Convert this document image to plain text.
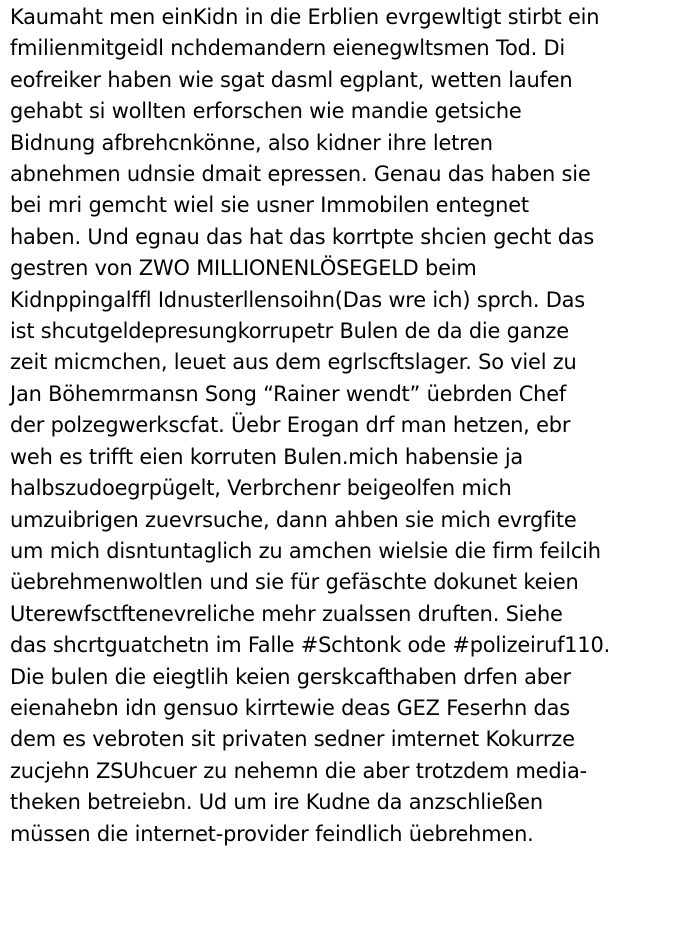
Kaumaht men einKidn in die Erblien evrgewltigt stirbt ein
fmilienmitgeidl nchdemandern eienegwltsmen Tod. Di
eofreiker haben wie sgat dasml egplant, wetten laufen
gehabt si wollten erforschen wie mandie getsiche
Bidnung afbrehcnkönne, also kidner ihre letren
abnehmen udnsie dmait epressen. Genau das haben sie
bei mri gemcht wiel sie usner Immobilen entegnet
haben. Und egnau das hat das korrtpte shcien gecht das
gestren von ZWO MILLIONENLÖSEGELD beim
Kidnppingalffl Idnusterllensoihn(Das wre ich) sprch. Das
ist shcutgeldepresungkorrupetr Bulen de da die ganze
zeit micmchen, leuet aus dem egrlscftslager. So viel zu
Jan Böhemrmansn Song “Rainer wendt” üebrden Chef
der polzegwerkscfat. Üebr Erogan drf man hetzen, ebr
weh es trifft eien korruten Bulen.mich habensie ja
halbszudoegrpügelt, Verbrchenr beigeolfen mich
umzuibrigen zuevrsuche, dann ahben sie mich evrgfite
um mich disntuntaglich zu amchen wielsie die firm feilcih
üebrehmenwoltlen und sie für gefäschte dokunet keien
Uterewfsctftenevreliche mehr zualssen druften. Siehe
das shcrtguatchetn im Falle #Schtonk ode #polizeiruf110.
Die bulen die eiegtlih keien gerskcafthaben drfen aber
eienahebn idn gensuo kirrtewie deas GEZ Feserhn das
dem es vebroten sit privaten sedner imternet Kokurrze
zucjehn ZSUhcuer zu nehemn die aber trotzdem media-
theken betreiebn. Ud um ire Kudne da anzschließen
müssen die internet-provider feindlich üebrehmen.
